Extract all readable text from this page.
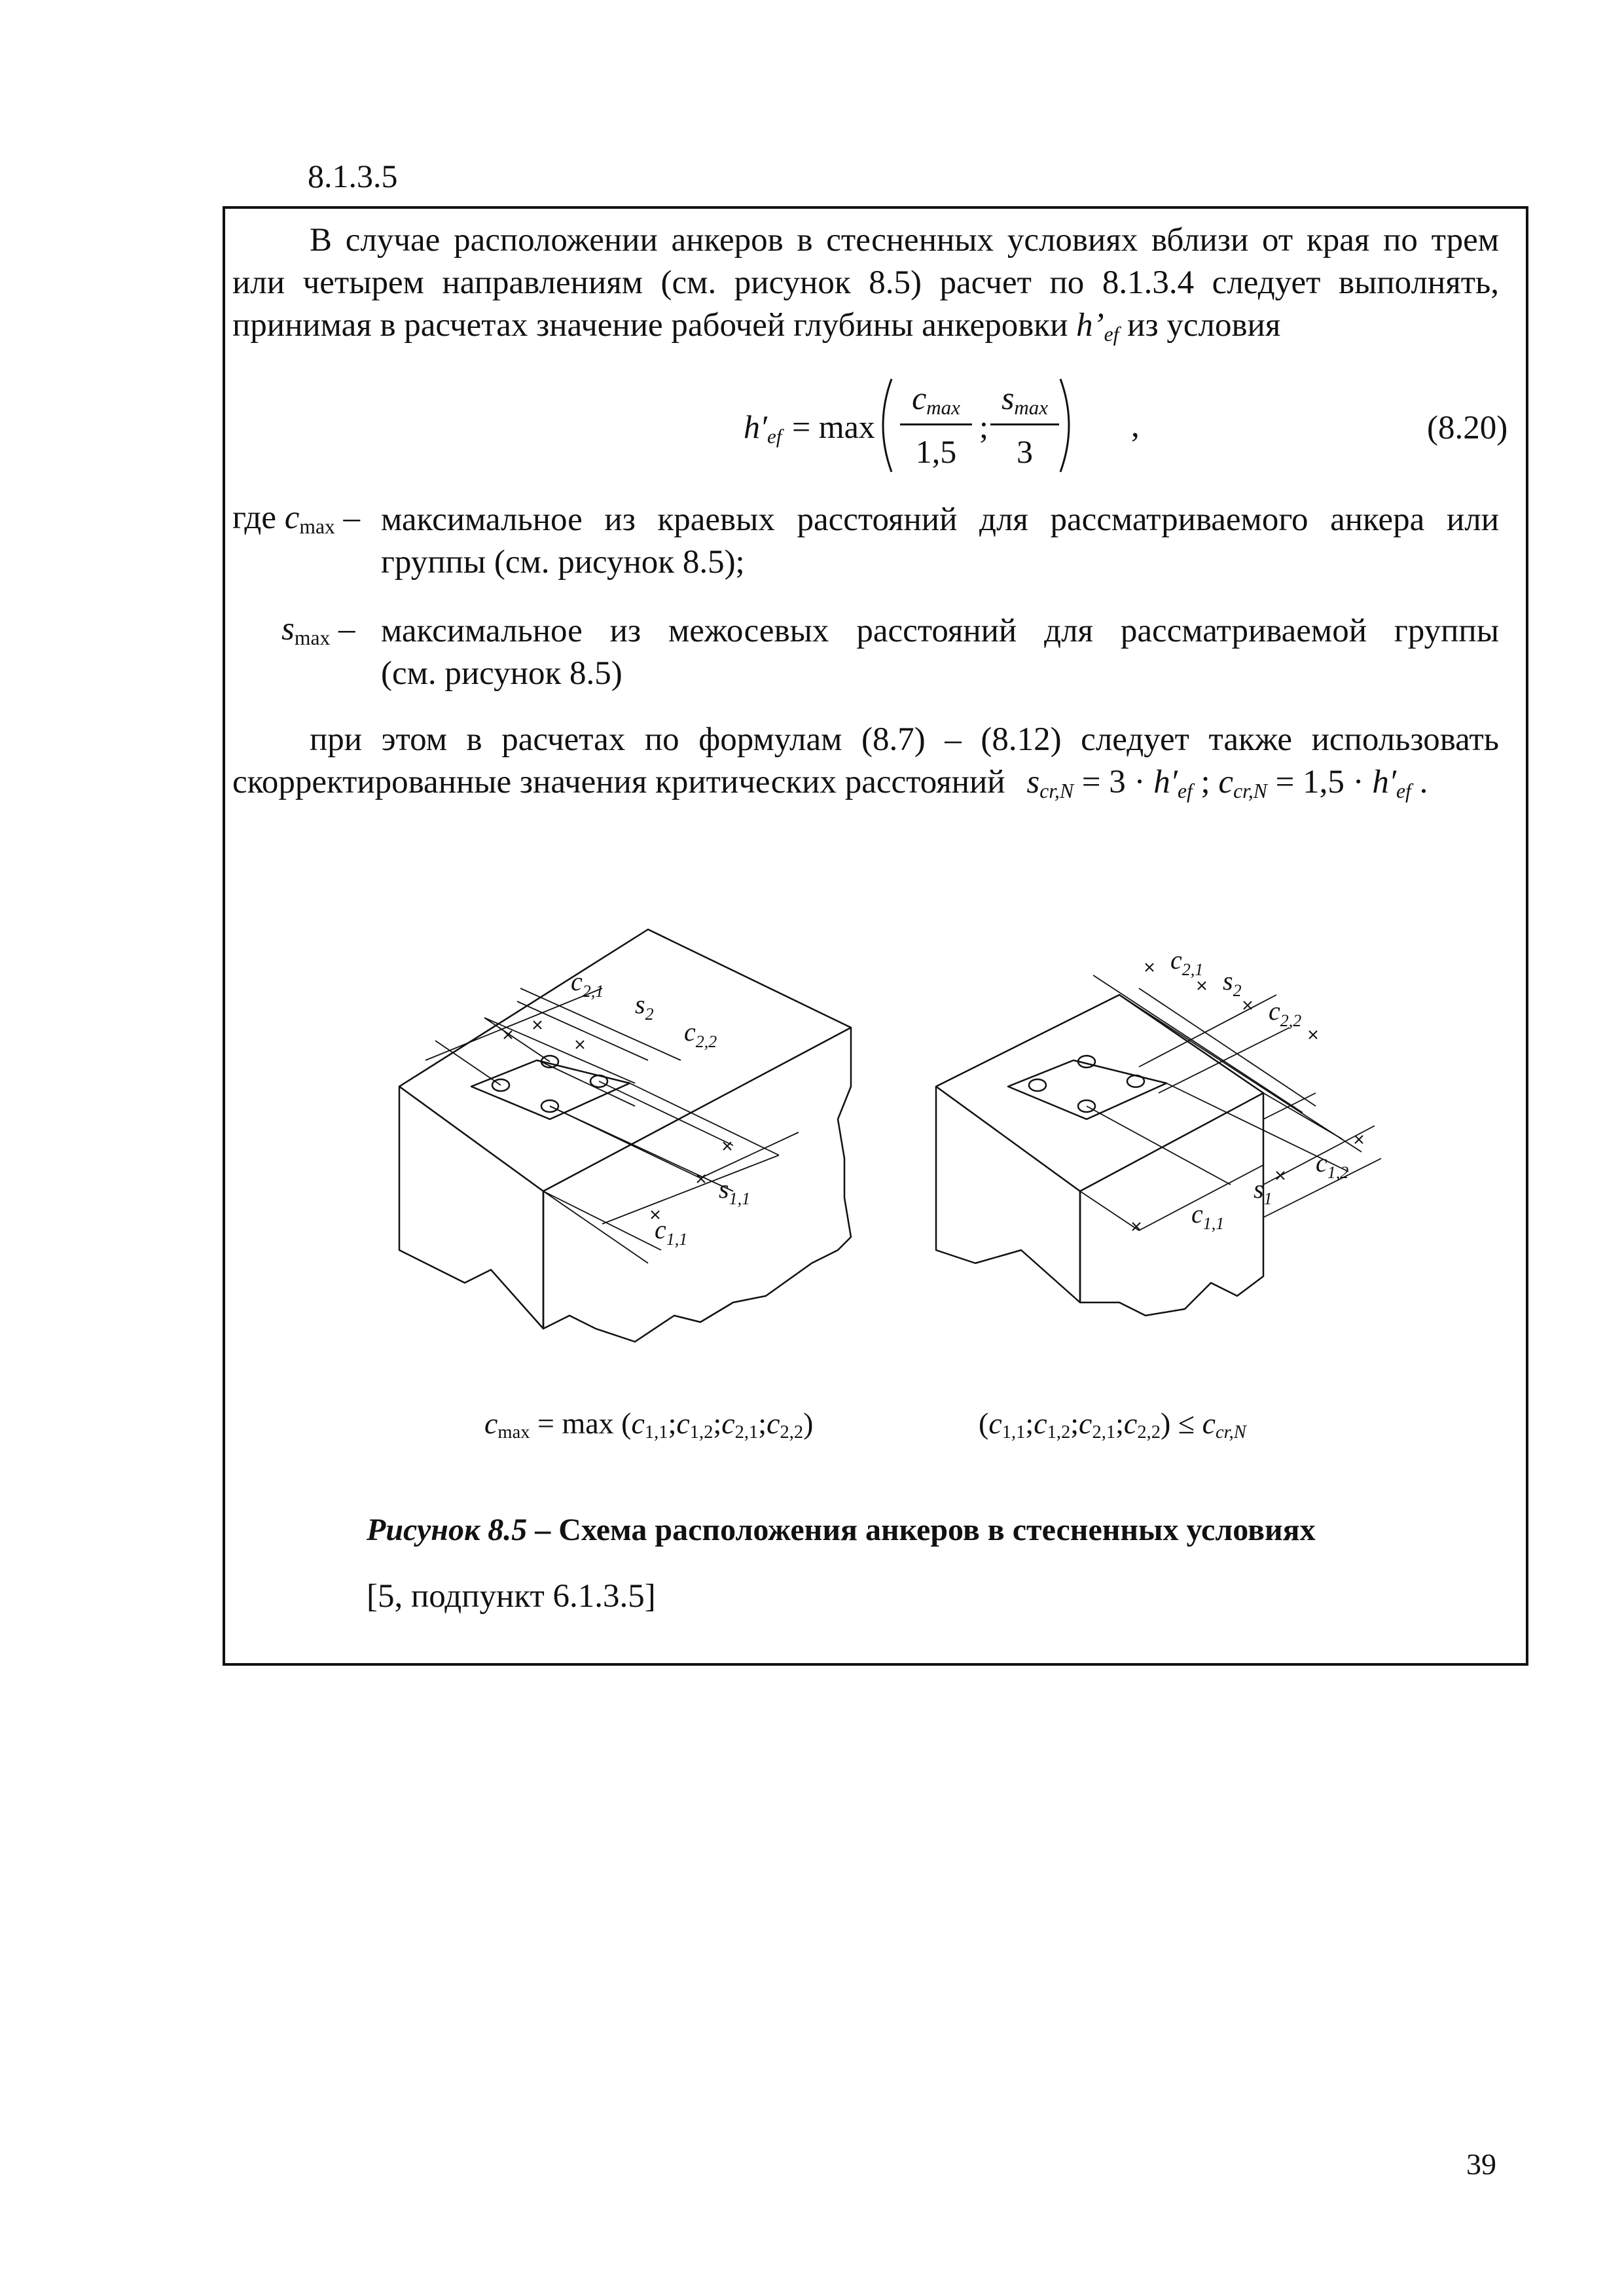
8.1.3.5
В случае расположении анкеров в стесненных условиях вблизи от края по трем
или четырем направлениям (см. рисунок 8.5) расчет по 8.1.3.4 следует выполнять,
принимая в расчетах значение рабочей глубины анкеровки $h’_{ef}$ из условия
$h'_{ef} = \max$
$c_{max}$
1,5
;
$s_{max}$
3
,	(8.20)
где $c_{max}$ – максимальное из краевых расстояний для рассматриваемого анкера или
группы (см. рисунок 8.5);
$s_{max}$ – максимальное из межосевых расстояний для рассматриваемой группы
(см. рисунок 8.5)
при этом в расчетах по формулам (8.7) – (8.12) следует также использовать
скорректированные значения критических расстояний $s_{cr,N} = 3 \cdot h'_{ef}$ ; $c_{cr,N} = 1,5 \cdot h'_{ef}$ .
$c_{2,1}$ $s_2$
$c_{2,2}$
$s_{1,1}$
$c_{1,1}$
$c_{2,1}$ $s_2$
$c_{2,2}$
$c_{1,2}$
$s_1$
$c_{1,1}$
$c_{max} = \max$ $(c_{1,1};c_{1,2};c_{2,1};c_{2,2})$	$(c_{1,1};c_{1,2};c_{2,1};c_{2,2}) \le c_{cr,N}$
Рисунок 8.5 – Схема расположения анкеров в стесненных условиях
[5, подпункт 6.1.3.5]
39
